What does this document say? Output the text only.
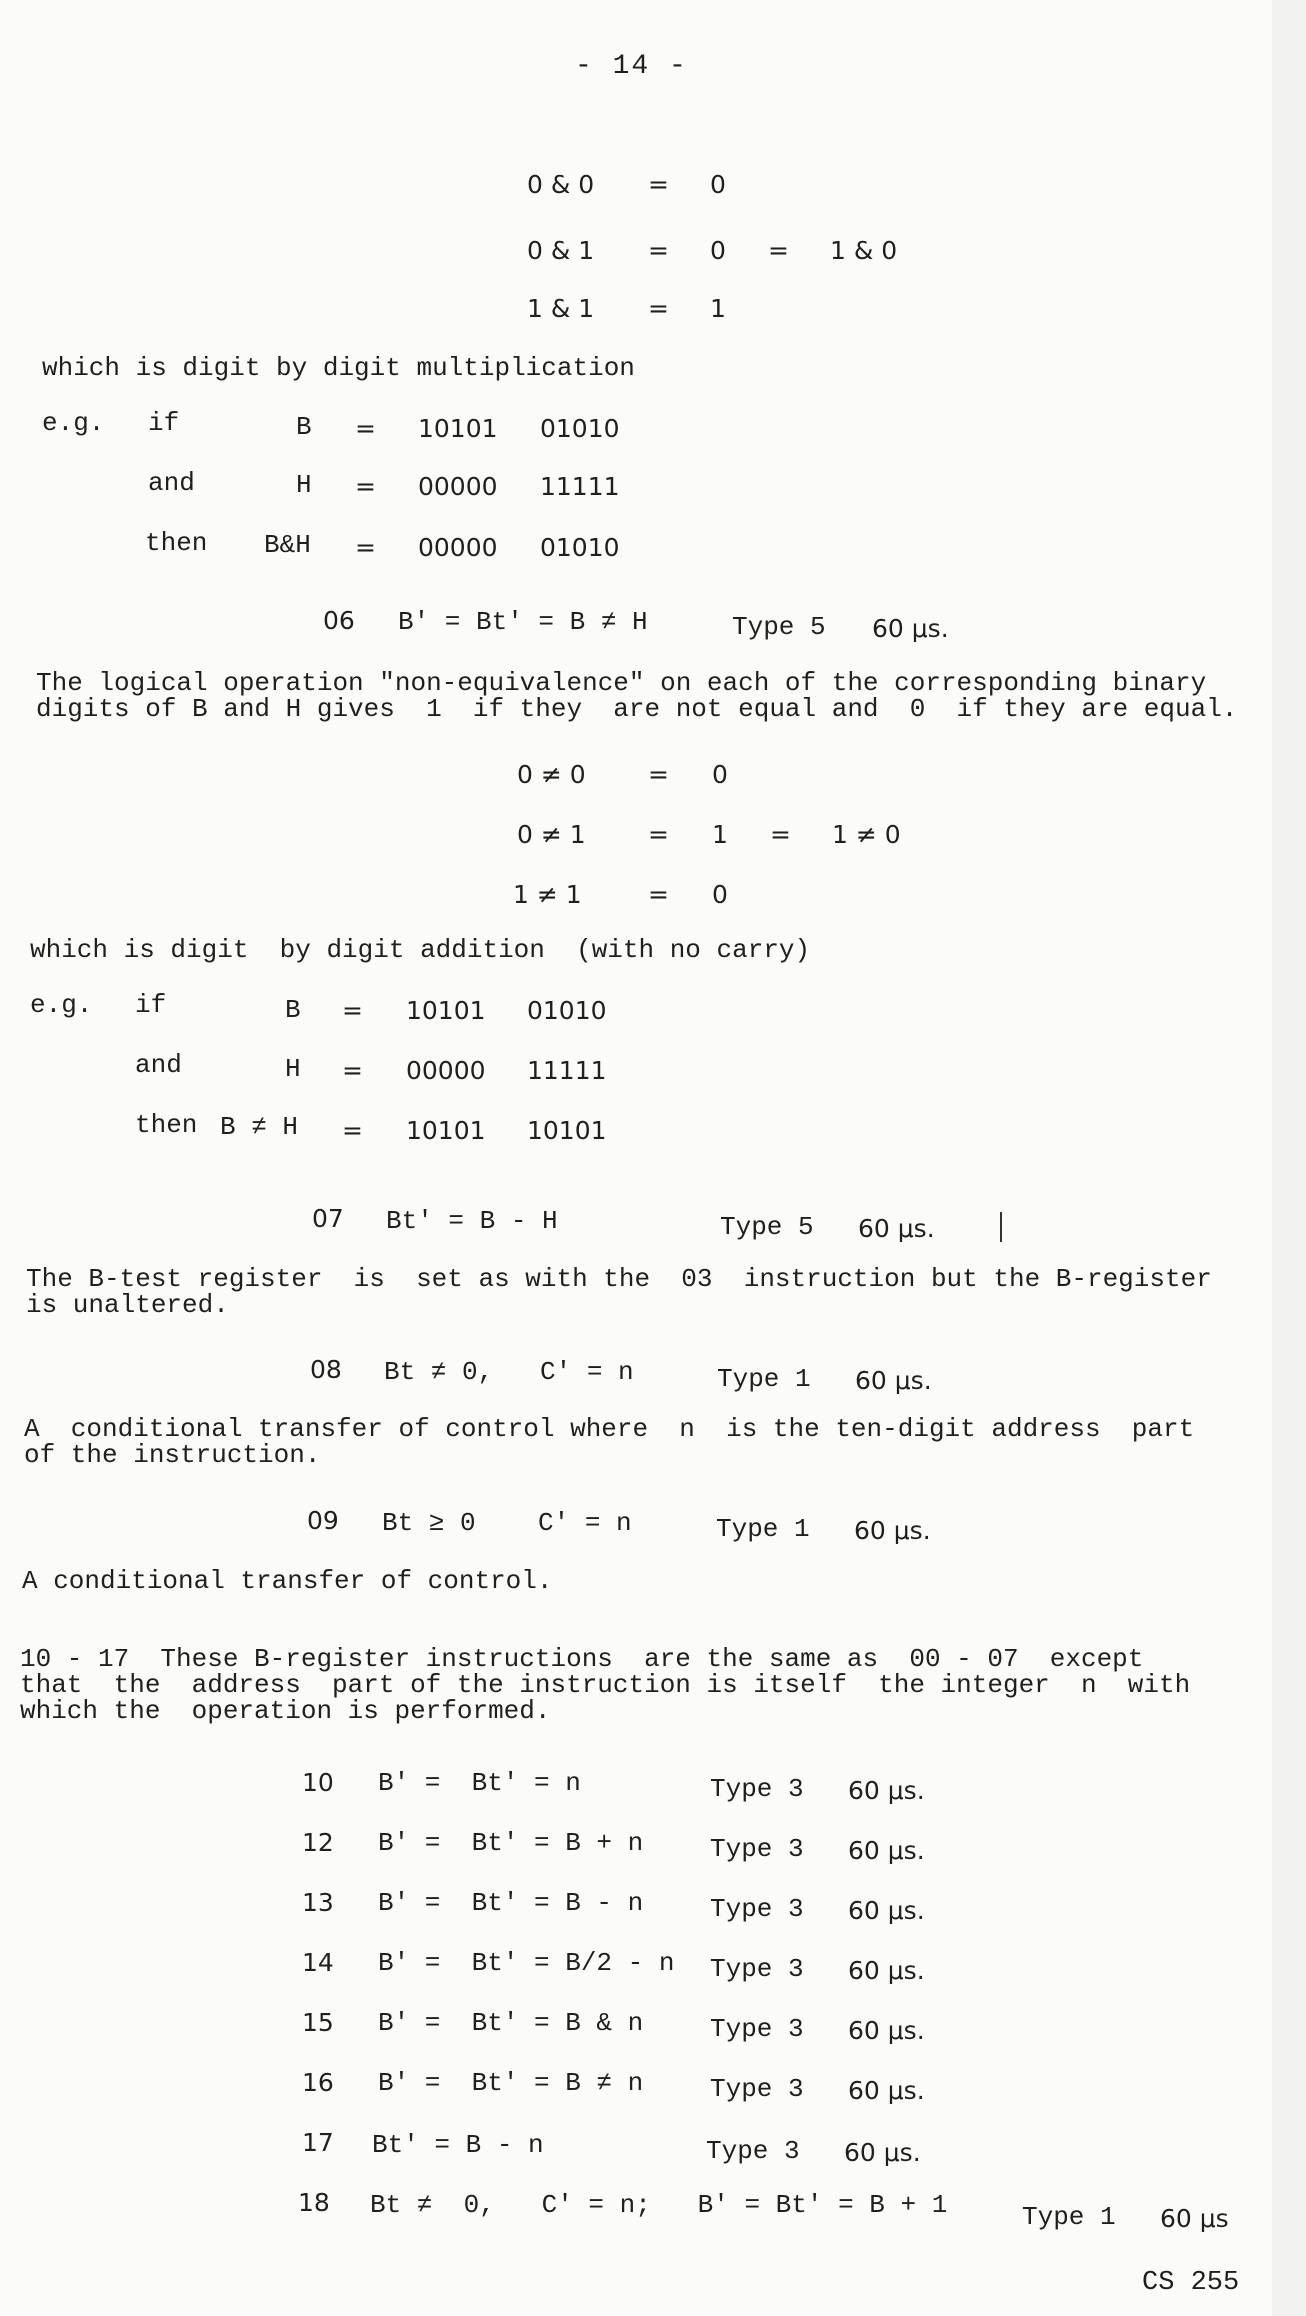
- 14 -
0 & 0 = 0
0 & 1 = 0 = 1 & 0
1 & 1 = 1
which is digit by digit multiplication
e.g. if	B = 10101 01010
and	H = 00000 11111
then B&H = 00000 01010
06 B' = Bt' = B ≠ H	Type 5 60 μs.
The logical operation "non-equivalence" on each of the corresponding binary
digits of B and H gives  1  if they  are not equal and  0  if they are equal.
0 ≠ 0 = 0
0 ≠ 1 = 1 = 1 ≠ 0
1 ≠ 1	= 0
which is digit  by digit addition  (with no carry)
e.g. if	B = 10101 01010
and	H = 00000 11111
then B ≠ H = 10101 10101
07 Bt' = B - H	Type 5 60 μs.
The B-test register  is  set as with the  03  instruction but the B-register
is unaltered.
08 Bt ≠ 0,   C' = n	Type 1 60 μs.
A  conditional transfer of control where  n  is the ten-digit address  part
of the instruction.
09 Bt ≥ 0    C' = n	Type 1 60 μs.
A conditional transfer of control.
10 - 17  These B-register instructions  are the same as  00 - 07  except
that  the  address  part of the instruction is itself  the integer  n  with
which the  operation is performed.
10 B' =  Bt' = n	Type 3 60 μs.
12 B' =  Bt' = B + n	Type 3 60 μs.
13 B' =  Bt' = B - n	Type 3 60 μs.
14 B' =  Bt' = B/2 - n Type 3 60 μs.
15 B' =  Bt' = B & n	Type 3 60 μs.
16 B' =  Bt' = B ≠ n	Type 3 60 μs.
17 Bt' = B - n	Type 3 60 μs.
18 Bt ≠  0,   C' = n;   B' = Bt' = B + 1	Type 1 60 μs
CS 255
